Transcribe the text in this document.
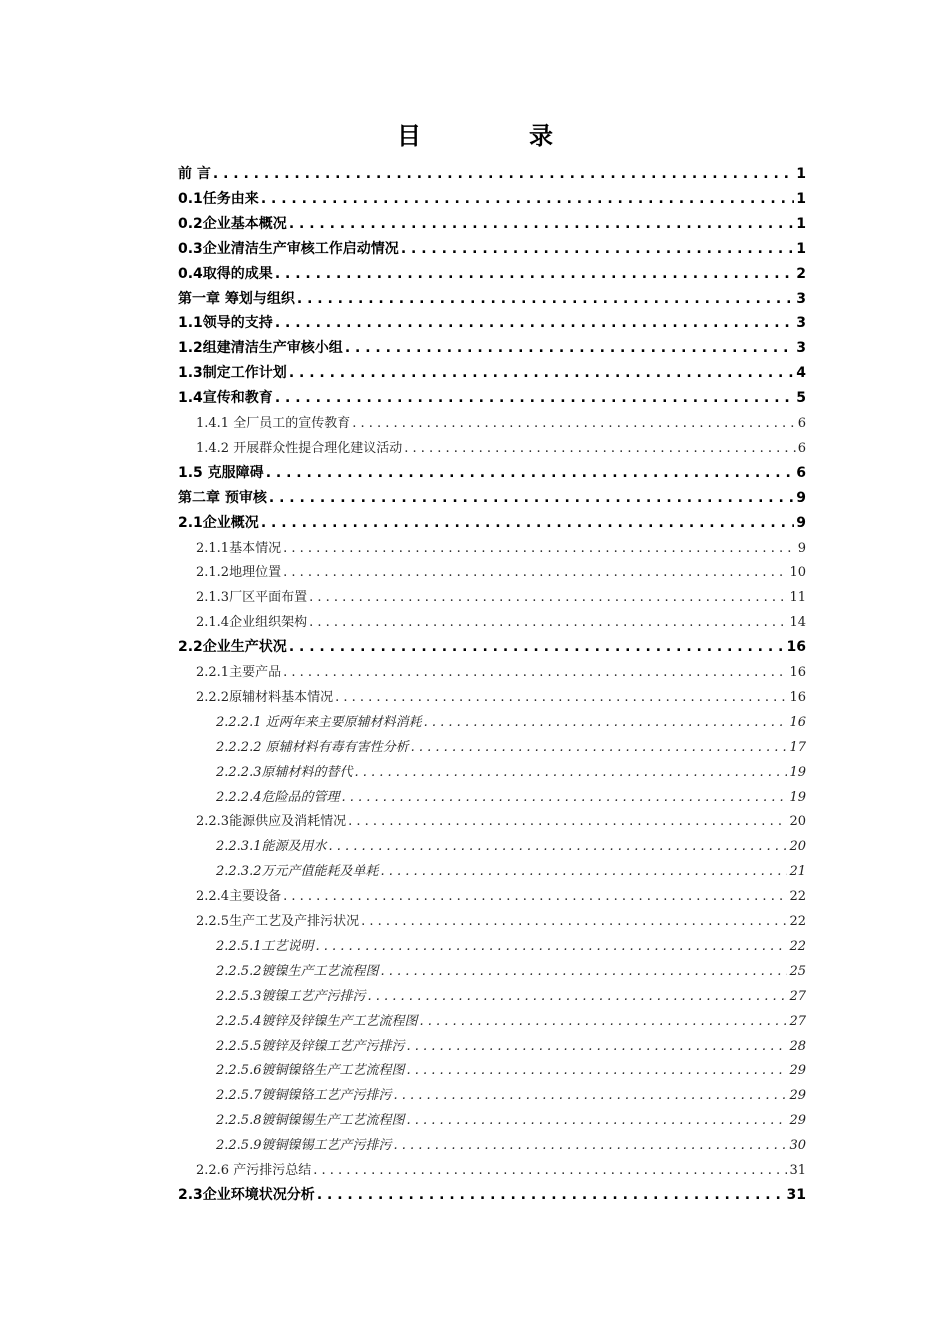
目　录
前 言 . . .	1
0.1任务由来 . . .	1
0.2企业基本概况 . . .	1
0.3企业清洁生产审核工作启动情况 . . .	1
0.4取得的成果 . . .	2
第一章 筹划与组织 . . .	3
1.1领导的支持 . . .	3
1.2组建清洁生产审核小组 . . .	3
1.3制定工作计划 . . .	4
1.4宣传和教育 . . .	5
1.4.1 全厂员工的宣传教育 . . .	6
1.4.2 开展群众性提合理化建议活动 . . .	6
1.5 克服障碍 . . .	6
第二章 预审核 . . .	9
2.1企业概况 . . .	9
2.1.1基本情况 . . .	9
2.1.2地理位置 . . .	10
2.1.3厂区平面布置 . . .	11
2.1.4企业组织架构 . . .	14
2.2企业生产状况 . . .	16
2.2.1主要产品 . . .	16
2.2.2原辅材料基本情况 . . .	16
2.2.2.1 近两年来主要原辅材料消耗 . . .	16
2.2.2.2 原辅材料有毒有害性分析 . . .	17
2.2.2.3原辅材料的替代 . . .	19
2.2.2.4危险品的管理 . . .	19
2.2.3能源供应及消耗情况 . . .	20
2.2.3.1能源及用水 . . .	20
2.2.3.2万元产值能耗及单耗 . . .	21
2.2.4主要设备 . . .	22
2.2.5生产工艺及产排污状况 . . .	22
2.2.5.1工艺说明 . . .	22
2.2.5.2镀镍生产工艺流程图 . . .	25
2.2.5.3镀镍工艺产污排污 . . .	27
2.2.5.4镀锌及锌镍生产工艺流程图 . . .	27
2.2.5.5镀锌及锌镍工艺产污排污 . . .	28
2.2.5.6镀铜镍铬生产工艺流程图 . . .	29
2.2.5.7镀铜镍铬工艺产污排污 . . .	29
2.2.5.8镀铜镍锡生产工艺流程图 . . .	29
2.2.5.9镀铜镍锡工艺产污排污 . . .	30
2.2.6 产污排污总结 . . .	31
2.3企业环境状况分析 . . .	31
